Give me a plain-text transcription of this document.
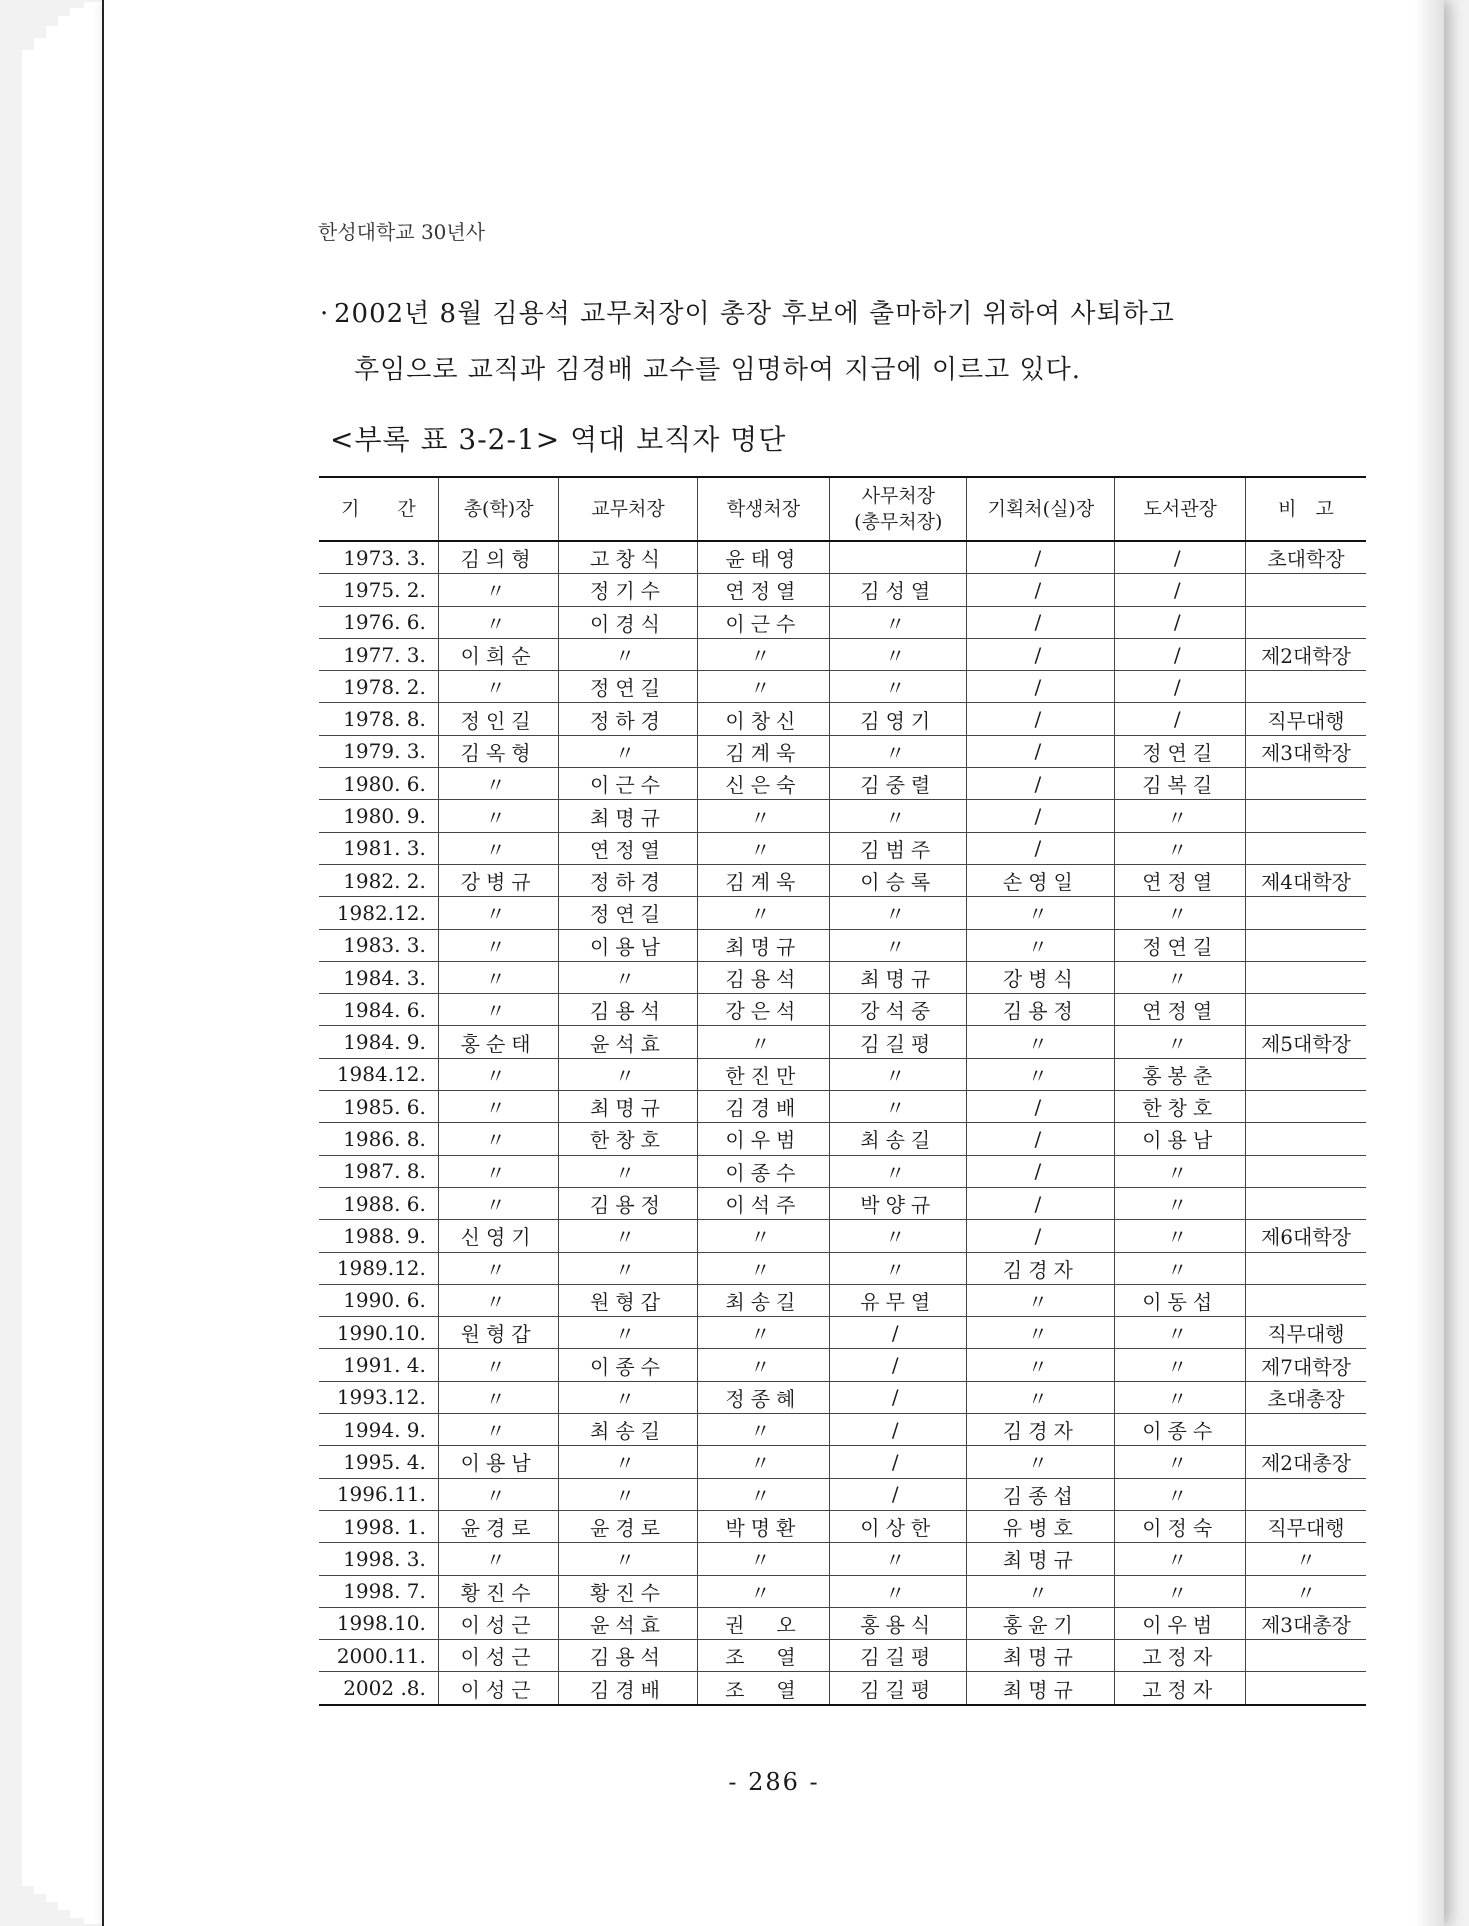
한성대학교 30년사
· 2002년 8월 김용석 교무처장이 총장 후보에 출마하기 위하여 사퇴하고
후임으로 교직과 김경배 교수를 임명하여 지금에 이르고 있다.
<부록 표 3-2-1> 역대 보직자 명단
기　　간	총(학)장	교무처장	학생처장	사무처장
(총무처장)	기획처(실)장	도서관장	비　고
1973. 3.	김의형	고창식	윤태영		/	/	초대학장
1975. 2.	〃	정기수	연정열	김성열	/	/	
1976. 6.	〃	이경식	이근수	〃	/	/	
1977. 3.	이희순	〃	〃	〃	/	/	제2대학장
1978. 2.	〃	정연길	〃	〃	/	/	
1978. 8.	정인길	정하경	이창신	김영기	/	/	직무대행
1979. 3.	김옥형	〃	김계욱	〃	/	정연길	제3대학장
1980. 6.	〃	이근수	신은숙	김중렬	/	김복길	
1980. 9.	〃	최명규	〃	〃	/	〃	
1981. 3.	〃	연정열	〃	김범주	/	〃	
1982. 2.	강병규	정하경	김계욱	이승록	손영일	연정열	제4대학장
1982.12.	〃	정연길	〃	〃	〃	〃	
1983. 3.	〃	이용남	최명규	〃	〃	정연길	
1984. 3.	〃	〃	김용석	최명규	강병식	〃	
1984. 6.	〃	김용석	강은석	강석중	김용정	연정열	
1984. 9.	홍순태	윤석효	〃	김길평	〃	〃	제5대학장
1984.12.	〃	〃	한진만	〃	〃	홍봉춘	
1985. 6.	〃	최명규	김경배	〃	/	한창호	
1986. 8.	〃	한창호	이우범	최송길	/	이용남	
1987. 8.	〃	〃	이종수	〃	/	〃	
1988. 6.	〃	김용정	이석주	박양규	/	〃	
1988. 9.	신영기	〃	〃	〃	/	〃	제6대학장
1989.12.	〃	〃	〃	〃	김경자	〃	
1990. 6.	〃	원형갑	최송길	유무열	〃	이동섭	
1990.10.	원형갑	〃	〃	/	〃	〃	직무대행
1991. 4.	〃	이종수	〃	/	〃	〃	제7대학장
1993.12.	〃	〃	정종혜	/	〃	〃	초대총장
1994. 9.	〃	최송길	〃	/	김경자	이종수	
1995. 4.	이용남	〃	〃	/	〃	〃	제2대총장
1996.11.	〃	〃	〃	/	김종섭	〃	
1998. 1.	윤경로	윤경로	박명환	이상한	유병호	이정숙	직무대행
1998. 3.	〃	〃	〃	〃	최명규	〃	〃
1998. 7.	황진수	황진수	〃	〃	〃	〃	〃
1998.10.	이성근	윤석효	권　오	홍용식	홍윤기	이우범	제3대총장
2000.11.	이성근	김용석	조　열	김길평	최명규	고정자	
2002 .8.	이성근	김경배	조　열	김길평	최명규	고정자	
- 286 -
